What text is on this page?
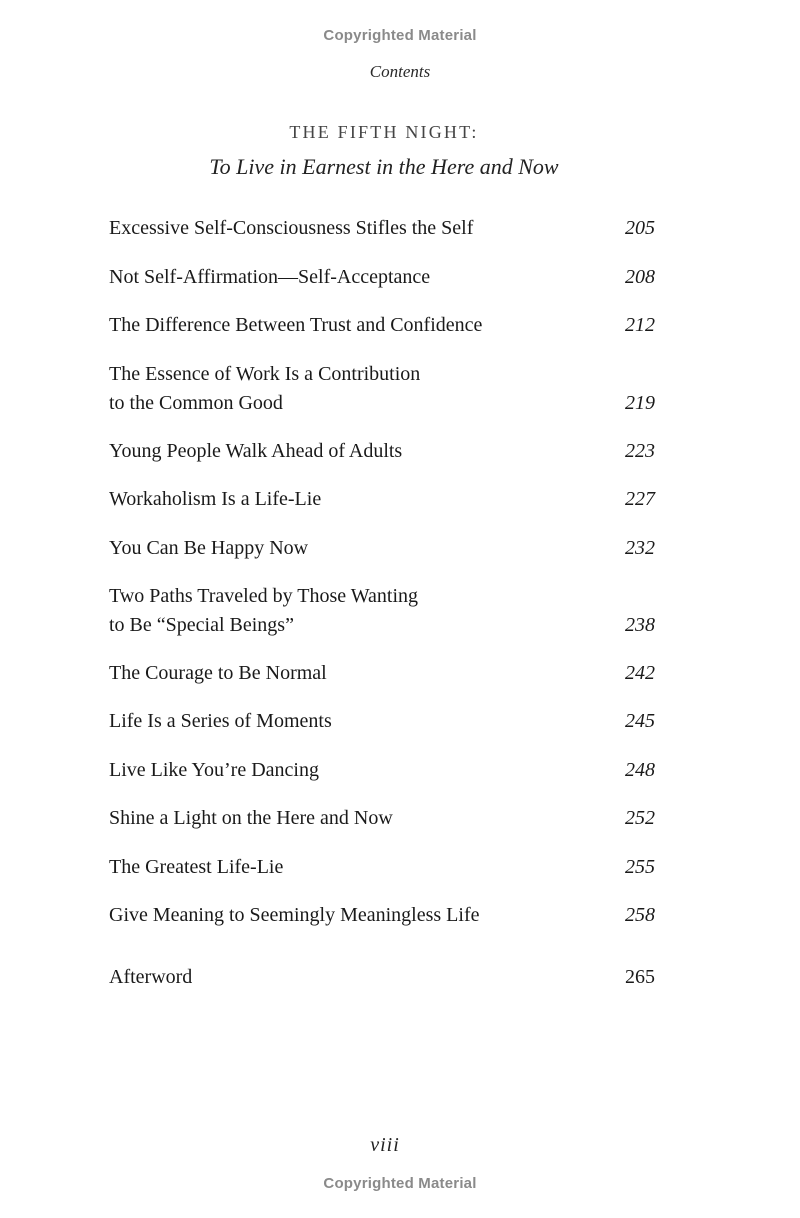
Copyrighted Material
Contents
THE FIFTH NIGHT:
To Live in Earnest in the Here and Now
Excessive Self-Consciousness Stifles the Self	205
Not Self-Affirmation—Self-Acceptance	208
The Difference Between Trust and Confidence	212
The Essence of Work Is a Contribution
to the Common Good	219
Young People Walk Ahead of Adults	223
Workaholism Is a Life-Lie	227
You Can Be Happy Now	232
Two Paths Traveled by Those Wanting
to Be “Special Beings”	238
The Courage to Be Normal	242
Life Is a Series of Moments	245
Live Like You’re Dancing	248
Shine a Light on the Here and Now	252
The Greatest Life-Lie	255
Give Meaning to Seemingly Meaningless Life	258
Afterword	265
viii
Copyrighted Material
